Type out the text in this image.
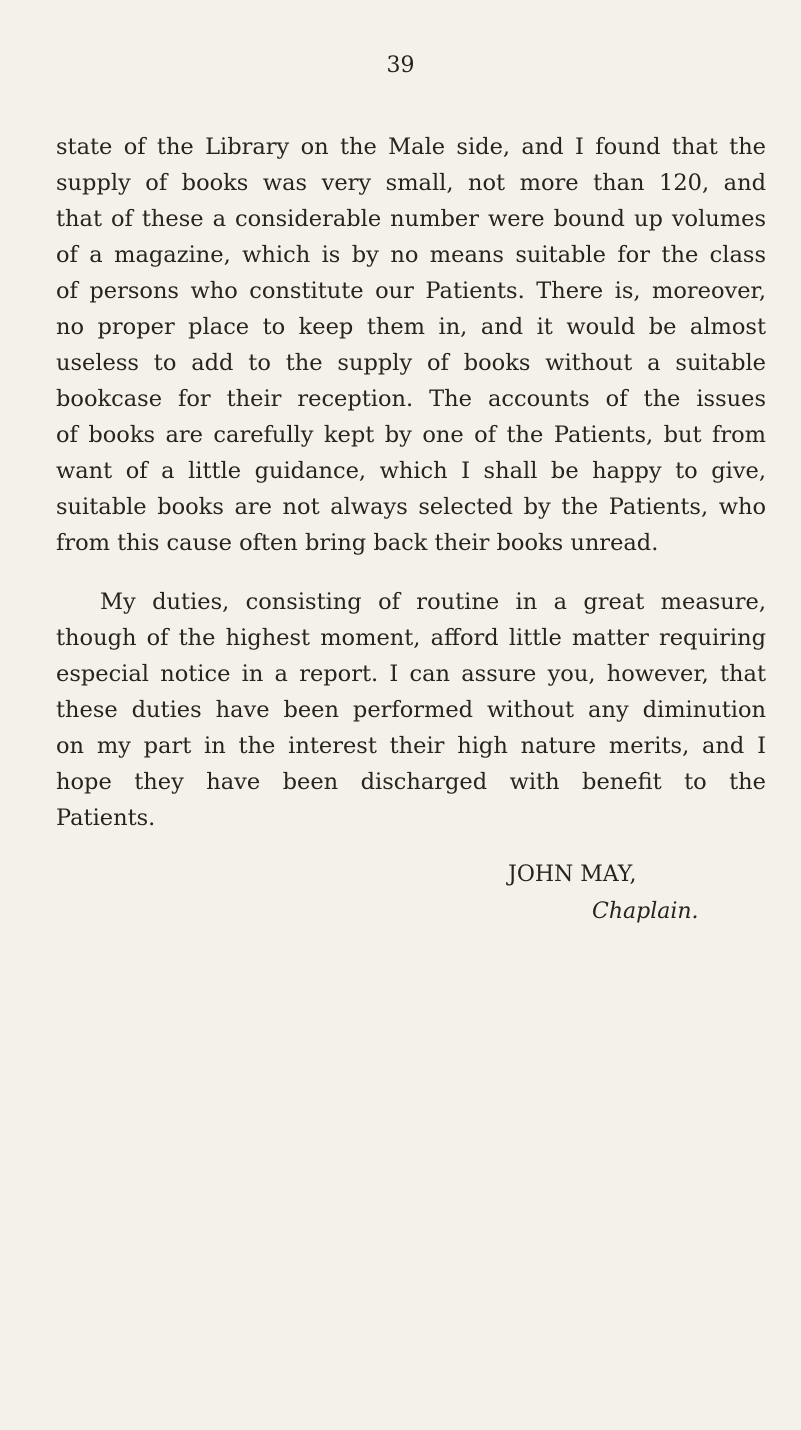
39
state of the Library on the Male side, and I found that the
supply of books was very small, not more than 120, and
that of these a considerable number were bound up volumes
of a magazine, which is by no means suitable for the class
of persons who constitute our Patients. There is, moreover,
no proper place to keep them in, and it would be almost
useless to add to the supply of books without a suitable
bookcase for their reception. The accounts of the issues
of books are carefully kept by one of the Patients, but from
want of a little guidance, which I shall be happy to give,
suitable books are not always selected by the Patients, who
from this cause often bring back their books unread.
My duties, consisting of routine in a great measure,
though of the highest moment, afford little matter requiring
especial notice in a report. I can assure you, however, that
these duties have been performed without any diminution
on my part in the interest their high nature merits, and I
hope they have been discharged with benefit to the
Patients.
JOHN MAY,
Chaplain.
